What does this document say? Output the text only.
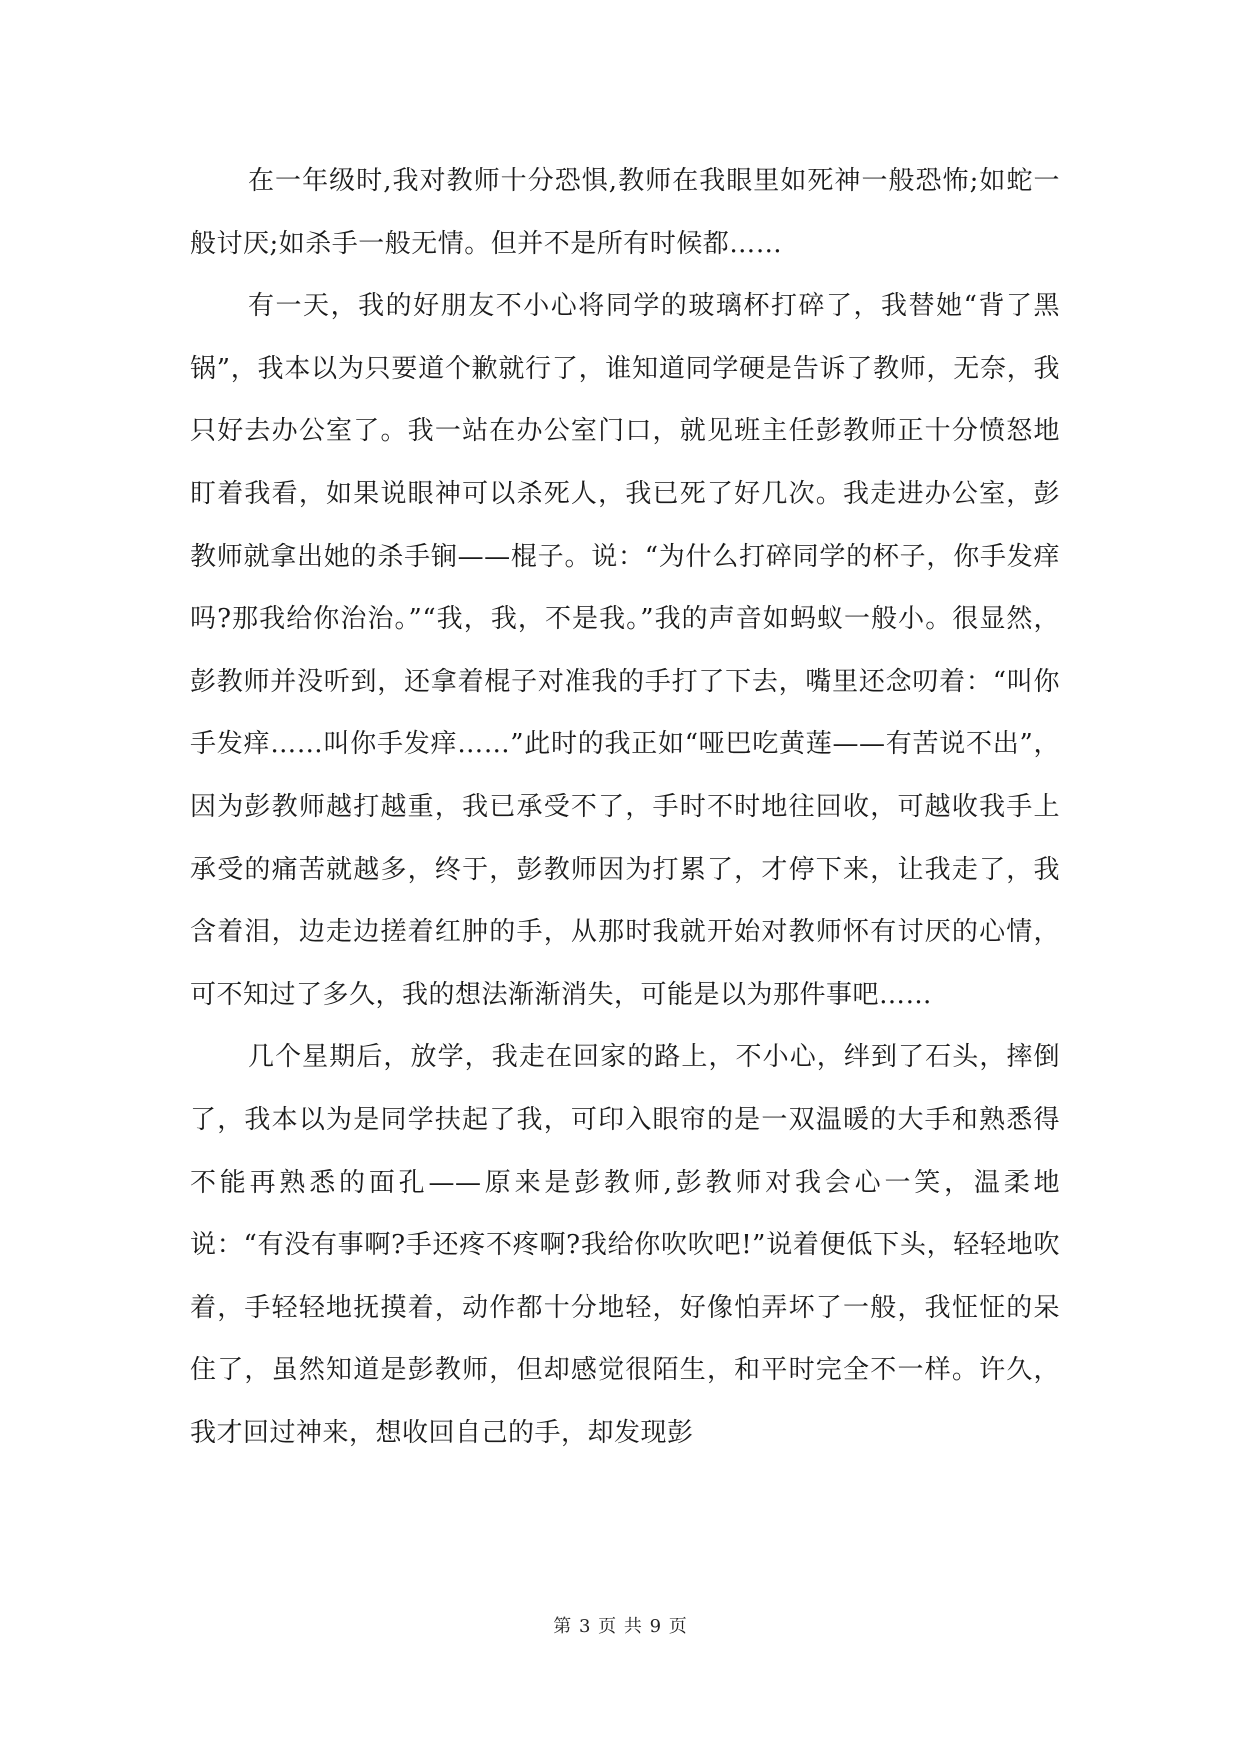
在一年级时,我对教师十分恐惧,教师在我眼里如死神一般恐怖;如蛇一般讨厌;如杀手一般无情。但并不是所有时候都……

有一天，我的好朋友不小心将同学的玻璃杯打碎了，我替她“背了黑锅”，我本以为只要道个歉就行了，谁知道同学硬是告诉了教师，无奈，我只好去办公室了。我一站在办公室门口，就见班主任彭教师正十分愤怒地盯着我看，如果说眼神可以杀死人，我已死了好几次。我走进办公室，彭教师就拿出她的杀手锏——棍子。说：“为什么打碎同学的杯子，你手发痒吗?那我给你治治。”“我，我，不是我。”我的声音如蚂蚁一般小。很显然，彭教师并没听到，还拿着棍子对准我的手打了下去，嘴里还念叨着：“叫你手发痒……叫你手发痒……”此时的我正如“哑巴吃黄莲——有苦说不出”，因为彭教师越打越重，我已承受不了，手时不时地往回收，可越收我手上承受的痛苦就越多，终于，彭教师因为打累了，才停下来，让我走了，我含着泪，边走边搓着红肿的手，从那时我就开始对教师怀有讨厌的心情，可不知过了多久，我的想法渐渐消失，可能是以为那件事吧……

几个星期后，放学，我走在回家的路上，不小心，绊到了石头，摔倒了，我本以为是同学扶起了我，可印入眼帘的是一双温暖的大手和熟悉得不能再熟悉的面孔——原来是彭教师,彭教师对我会心一笑，温柔地说：“有没有事啊?手还疼不疼啊?我给你吹吹吧!”说着便低下头，轻轻地吹着，手轻轻地抚摸着，动作都十分地轻，好像怕弄坏了一般，我怔怔的呆住了，虽然知道是彭教师，但却感觉很陌生，和平时完全不一样。许久，我才回过神来，想收回自己的手，却发现彭

第 3 页 共 9 页
